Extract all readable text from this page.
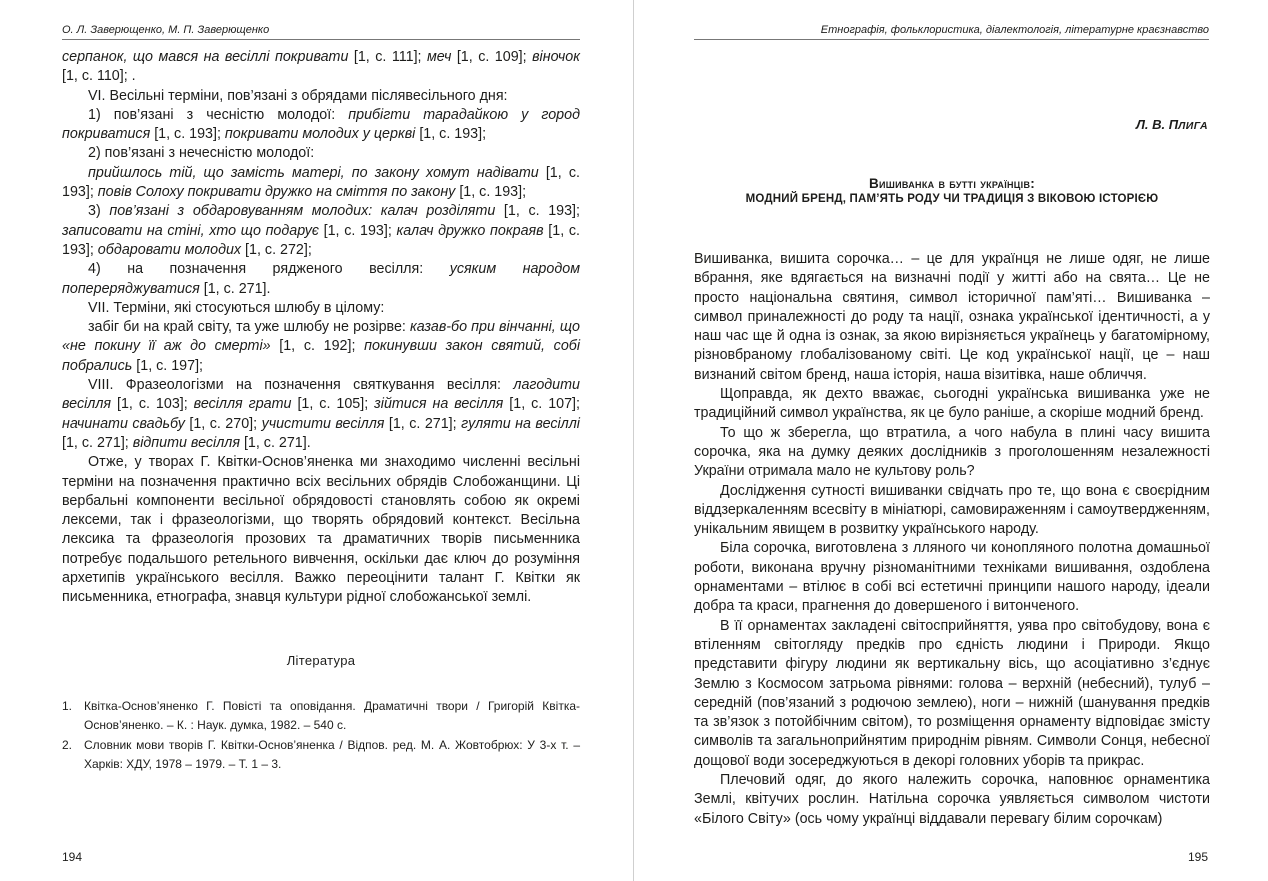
О. Л. Заверющенко, М. П. Заверющенко

серпанок, що мався на весіллі покривати [1, с. 111]; меч [1, с. 109]; віночок [1, с. 110]; .

VI. Весільні терміни, пов’язані з обрядами післявесільного дня:

1) пов’язані з чесністю молодої: прибігти тарадайкою у город покриватися [1, с. 193]; покривати молодих у церкві [1, с. 193];

2) пов’язані з нечесністю молодої:

прийшлось тій, що замість матері, по закону хомут надівати [1, с. 193]; повів Солоху покривати дружко на сміття по закону [1, с. 193];

3) пов’язані з обдаровуванням молодих: калач розділяти [1, с. 193]; записовати на стіні, хто що подарує [1, с. 193]; калач дружко покраяв [1, с. 193]; обдаровати молодих [1, с. 272];

4) на позначення ряджeного весілля: усяким народом попереряджуватися [1, с. 271].

VII. Терміни, які стосуються шлюбу в цілому:

забіг би на край світу, та уже шлюбу не розірве: казав-бо при вінчанні, що «не покину її аж до смерті» [1, с. 192]; покинувши закон святий, собі побрались [1, с. 197];

VIII. Фразеологізми на позначення святкування весілля: лагодити весілля [1, с. 103]; весілля грати [1, с. 105]; зійтися на весілля [1, с. 107]; начинати свадьбу [1, с. 270]; учистити весілля [1, с. 271]; гуляти на весіллі [1, с. 271]; відпити весілля [1, с. 271].

Отже, у творах Г. Квітки-Основ’яненка ми знаходимо численні весільні терміни на позначення практично всіх весільних обрядів Слобожанщини. Ці вербальні компоненти весільної обрядовості становлять собою як окремі лексеми, так і фразеологізми, що творять обрядовий контекст. Весільна лексика та фразеологія прозових та драматичних творів письменника потребує подальшого ретельного вивчення, оскільки дає ключ до розуміння архетипів українського весілля. Важко переоцінити талант Г. Квітки як письменника, етнографа, знавця культури рідної слобожанської землі.

Література
1. Квітка-Основ’яненко Г. Повісті та оповідання. Драматичні твори / Григорій Квітка-Основ’яненко. – К. : Наук. думка, 1982. – 540 с.
2. Словник мови творів Г. Квітки-Основ’яненка / Відпов. ред. М. А. Жовтобрюх: У 3-х т. – Харків: ХДУ, 1978 – 1979. – Т. 1 – 3.
194
Етнографія, фольклористика, діалектологія, літературне краєзнавство
Л. В. ПЛИГА
Вишиванка в бутті українців:
МОДНИЙ БРЕНД, ПАМ’ЯТЬ РОДУ ЧИ ТРАДИЦІЯ З ВІКОВОЮ ІСТОРІЄЮ

Вишиванка, вишита сорочка… – це для українця не лише одяг, не лише вбрання, яке вдягається на визначні події у житті або на свята… Це не просто національна святиня, символ історичної пам’яті… Вишиванка – символ приналежності до роду та нації, ознака української ідентичності, а у наш час ще й одна із ознак, за якою вирізняється українець у багатомірному, різновбраному глобалізованому світі. Це код української нації, це – наш визнаний світом бренд, наша історія, наша візитівка, наше обличчя.

Щоправда, як дехто вважає, сьогодні українська вишиванка уже не традиційний символ українства, як це було раніше, а скоріше модний бренд.

То що ж збереглa, що втратила, а чого набула в плині часу вишита сорочка, яка на думку деяких дослідників з проголошенням незалежності України отримала мало не культову роль?

Дослідження сутності вишиванки свідчать про те, що вона є своєрідним віддзеркаленням всесвіту в мініатюрі, самовираженням і самоутвердженням, унікальним явищем в розвитку українського народу.

Біла сорочка, виготовлена з лляного чи конопляного полотна домашньої роботи, виконана вручну різноманітними техніками вишивання, оздоблена орнаментами – втілює в собі всі естетичні принципи нашого народу, ідеали добра та краси, прагнення до довершеного і витонченого.

В її орнаментах закладені світосприйняття, уява про світобудову, вона є втіленням світогляду предків про єдність людини і Природи. Якщо представити фігуру людини як вертикальну вісь, що асоціативно з’єднує Землю з Космосом затрьома рівнями: голова – верхній (небесний), тулуб – середній (пов’язаний з родючою землею), ноги – нижній (шанування предків та зв’язок з потойбічним світом), то розміщення орнаменту відповідає змісту символів та загальноприйнятим природнім рівням. Символи Сонця, небесної дощової води зосереджуються в декорі головних уборів та прикрас.

Плечовий одяг, до якого належить сорочка, наповнює орнаментика Землі, квітучих рослин. Натільна сорочка уявляється символом чистоти «Білого Світу» (ось чому українці віддавали перевагу білим сорочкам)

195
